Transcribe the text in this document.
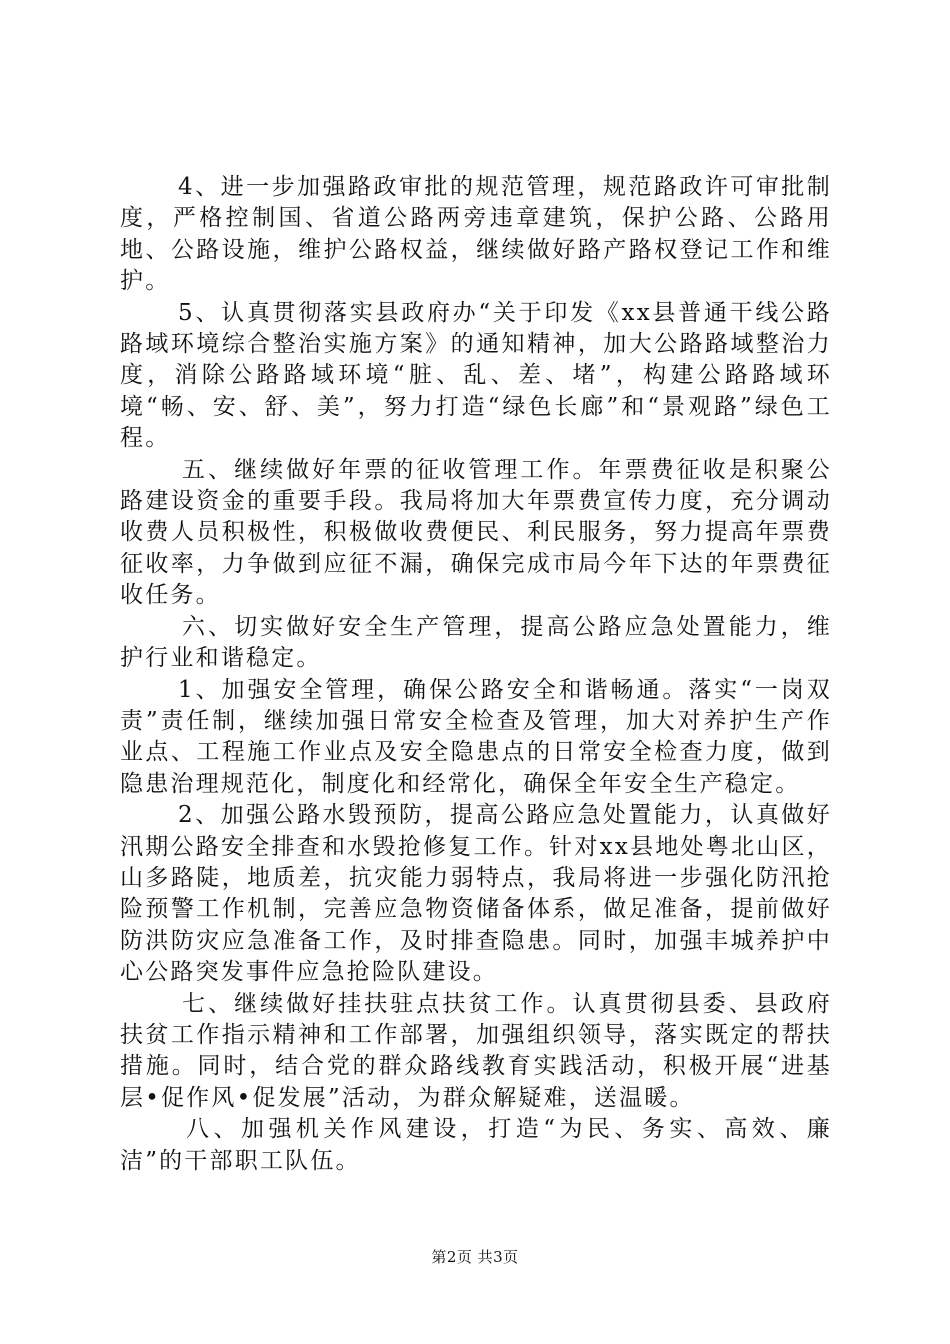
4、进一步加强路政审批的规范管理，规范路政许可审批制度，严格控制国、省道公路两旁违章建筑，保护公路、公路用地、公路设施，维护公路权益，继续做好路产路权登记工作和维护。

5、认真贯彻落实县政府办“关于印发《xx县普通干线公路路域环境综合整治实施方案》的通知精神，加大公路路域整治力度，消除公路路域环境“脏、乱、差、堵”，构建公路路域环境“畅、安、舒、美”，努力打造“绿色长廊”和“景观路”绿色工程。

五、继续做好年票的征收管理工作。年票费征收是积聚公路建设资金的重要手段。我局将加大年票费宣传力度，充分调动收费人员积极性，积极做收费便民、利民服务，努力提高年票费征收率，力争做到应征不漏，确保完成市局今年下达的年票费征收任务。

六、切实做好安全生产管理，提高公路应急处置能力，维护行业和谐稳定。

1、加强安全管理，确保公路安全和谐畅通。落实“一岗双责”责任制，继续加强日常安全检查及管理，加大对养护生产作业点、工程施工作业点及安全隐患点的日常安全检查力度，做到隐患治理规范化，制度化和经常化，确保全年安全生产稳定。

2、加强公路水毁预防，提高公路应急处置能力，认真做好汛期公路安全排查和水毁抢修复工作。针对xx县地处粤北山区，山多路陡，地质差，抗灾能力弱特点，我局将进一步强化防汛抢险预警工作机制，完善应急物资储备体系，做足准备，提前做好防洪防灾应急准备工作，及时排查隐患。同时，加强丰城养护中心公路突发事件应急抢险队建设。

七、继续做好挂扶驻点扶贫工作。认真贯彻县委、县政府扶贫工作指示精神和工作部署，加强组织领导，落实既定的帮扶措施。同时，结合党的群众路线教育实践活动，积极开展“进基层•促作风•促发展”活动，为群众解疑难，送温暖。

八、加强机关作风建设，打造“为民、务实、高效、廉洁”的干部职工队伍。

第2页 共3页
